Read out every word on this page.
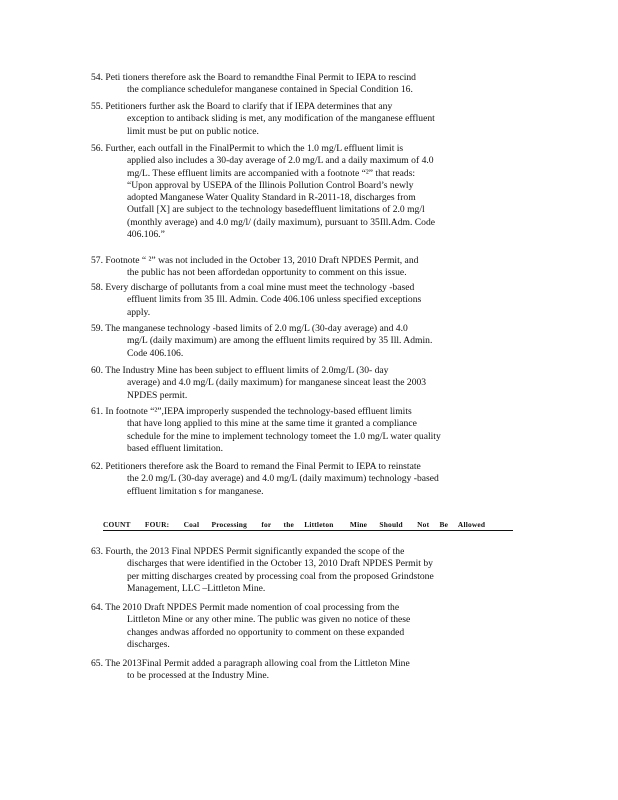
54. Peti tioners therefore ask the Board to remandthe Final Permit to IEPA to rescind
the compliance schedulefor manganese contained in Special Condition 16.
55. Petitioners further ask the Board to clarify that if IEPA determines that any
exception to antiback sliding is met, any modification of the manganese effluent
limit must be put on public notice.
56. Further, each outfall in the FinalPermit to which the 1.0 mg/L effluent limit is
applied also includes a 30-day average of 2.0 mg/L and a daily maximum of 4.0
mg/L. These effluent limits are accompanied with a footnote “²” that reads:
“Upon approval by USEPA of the Illinois Pollution Control Board’s newly
adopted Manganese Water Quality Standard in R-2011-18, discharges from
Outfall [X] are subject to the technology basedeffluent limitations of 2.0 mg/l
(monthly average) and 4.0 mg/l/ (daily maximum), pursuant to 35Ill.Adm. Code
406.106.”
57. Footnote “ ²” was not included in the October 13, 2010 Draft NPDES Permit, and
the public has not been affordedan opportunity to comment on this issue.
58. Every discharge of pollutants from a coal mine must meet the technology -based
effluent limits from 35 Ill. Admin. Code 406.106 unless specified exceptions
apply.
59. The manganese technology -based limits of 2.0 mg/L (30-day average) and 4.0
mg/L (daily maximum) are among the effluent limits required by 35 Ill. Admin.
Code 406.106.
60. The Industry Mine has been subject to effluent limits of 2.0mg/L (30- day
average) and 4.0 mg/L (daily maximum) for manganese sinceat least the 2003
NPDES permit.
61. In footnote “²”,IEPA improperly suspended the technology-based effluent limits
that have long applied to this mine at the same time it granted a compliance
schedule for the mine to implement technology tomeet the 1.0 mg/L water quality
based effluent limitation.
62. Petitioners therefore ask the Board to remand the Final Permit to IEPA to reinstate
the 2.0 mg/L (30-day average) and 4.0 mg/L (daily maximum) technology -based
effluent limitation s for manganese.
COUNT       FOUR:       Coal      Processing       for      the     Littleton        Mine      Should       Not     Be     Allowed
63. Fourth, the 2013 Final NPDES Permit significantly expanded the scope of the
discharges that were identified in the October 13, 2010 Draft NPDES Permit by
per mitting discharges created by processing coal from the proposed Grindstone
Management, LLC –Littleton Mine.
64. The 2010 Draft NPDES Permit made nomention of coal processing from the
Littleton Mine or any other mine. The public was given no notice of these
changes andwas afforded no opportunity to comment on these expanded
discharges.
65. The 2013Final Permit added a paragraph allowing coal from the Littleton Mine
to be processed at the Industry Mine.
